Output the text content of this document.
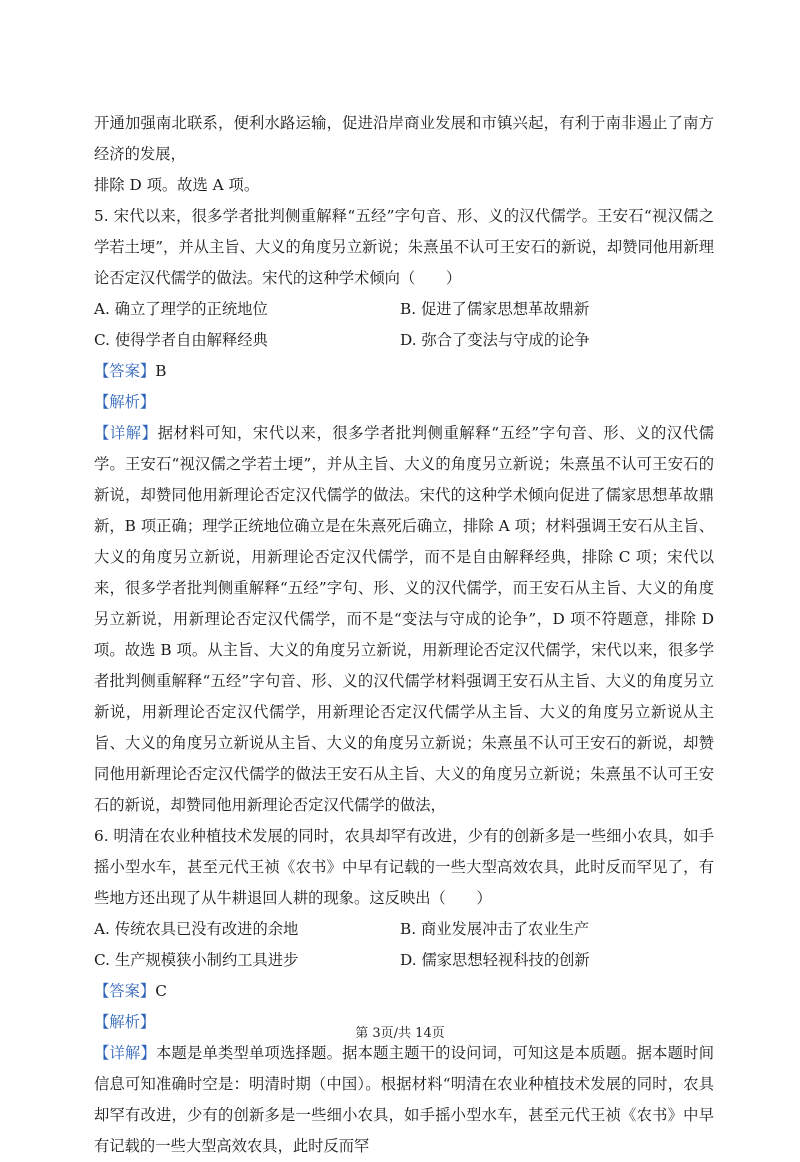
开通加强南北联系，便利水路运输，促进沿岸商业发展和市镇兴起，有利于南非遏止了南方经济的发展，

排除 D 项。故选 A 项。

5. 宋代以来，很多学者批判侧重解释“五经”字句音、形、义的汉代儒学。王安石“视汉儒之学若土埂”，并从主旨、大义的角度另立新说；朱熹虽不认可王安石的新说，却赞同他用新理论否定汉代儒学的做法。宋代的这种学术倾向（　　）

A. 确立了理学的正统地位	B. 促进了儒家思想革故鼎新
C. 使得学者自由解释经典	D. 弥合了变法与守成的论争

【答案】B

【解析】

【详解】据材料可知，宋代以来，很多学者批判侧重解释“五经”字句音、形、义的汉代儒学。王安石“视汉儒之学若土埂”，并从主旨、大义的角度另立新说；朱熹虽不认可王安石的新说，却赞同他用新理论否定汉代儒学的做法。宋代的这种学术倾向促进了儒家思想革故鼎新，B 项正确；理学正统地位确立是在朱熹死后确立，排除 A 项；材料强调王安石从主旨、大义的角度另立新说，用新理论否定汉代儒学，而不是自由解释经典，排除 C 项；宋代以来，很多学者批判侧重解释“五经”字句、形、义的汉代儒学，而王安石从主旨、大义的角度另立新说，用新理论否定汉代儒学，而不是“变法与守成的论争”，D 项不符题意，排除 D 项。故选 B 项。从主旨、大义的角度另立新说，用新理论否定汉代儒学，宋代以来，很多学者批判侧重解释“五经”字句音、形、义的汉代儒学材料强调王安石从主旨、大义的角度另立新说，用新理论否定汉代儒学，用新理论否定汉代儒学从主旨、大义的角度另立新说从主旨、大义的角度另立新说从主旨、大义的角度另立新说；朱熹虽不认可王安石的新说，却赞同他用新理论否定汉代儒学的做法王安石从主旨、大义的角度另立新说；朱熹虽不认可王安石的新说，却赞同他用新理论否定汉代儒学的做法，

6. 明清在农业种植技术发展的同时，农具却罕有改进，少有的创新多是一些细小农具，如手摇小型水车，甚至元代王祯《农书》中早有记载的一些大型高效农具，此时反而罕见了，有些地方还出现了从牛耕退回人耕的现象。这反映出（　　）

A. 传统农具已没有改进的余地	B. 商业发展冲击了农业生产
C. 生产规模狭小制约工具进步	D. 儒家思想轻视科技的创新

【答案】C

【解析】

【详解】本题是单类型单项选择题。据本题主题干的设问词，可知这是本质题。据本题时间信息可知准确时空是：明清时期（中国）。根据材料“明清在农业种植技术发展的同时，农具却罕有改进，少有的创新多是一些细小农具，如手摇小型水车，甚至元代王祯《农书》中早有记载的一些大型高效农具，此时反而罕

第 3页/共 14页
